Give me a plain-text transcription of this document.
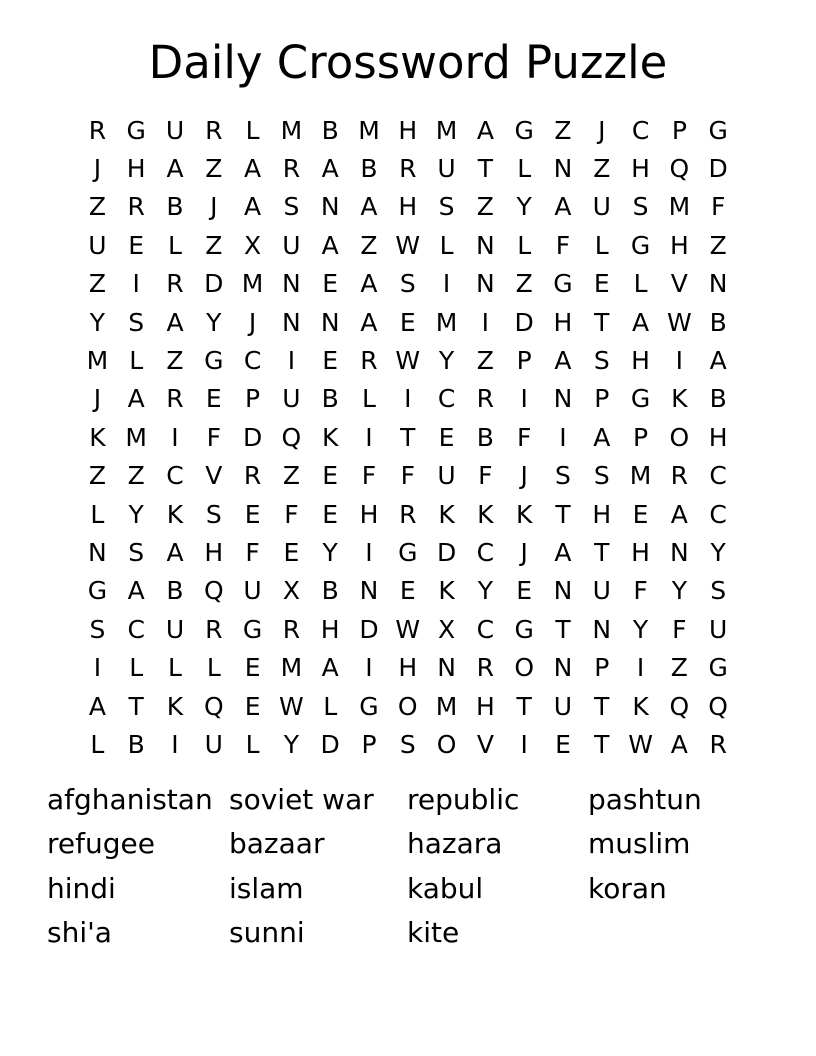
Daily Crossword Puzzle
R G U R L M B M H M A G Z	J	C P G
J	H A Z A R A B R U T L N Z H Q D
Z R B	J	A S N A H S Z Y A U S M F
U E L Z X U A Z W L N L F L G H Z
Z	I	R D M N E A S	I	N Z G E L V N
Y S A Y	J	N N A E M I	D H T A W B
M L Z G C	I	E R W Y Z P A S H	I	A
J	A R E P U B L	I	C R	I	N P G K B
K M I	F D Q K	I	T E B F	I	A P O H
Z Z C V R Z E F F U F	J	S S M R C
L Y K S E F E H R K K K T H E A C
N S A H F E Y	I	G D C	J	A T H N Y
G A B Q U X B N E K Y E N U F Y S
S C U R G R H D W X C G T N Y F U
I	L L L E M A	I	H N R O N P	I	Z G
A T K Q E W L G O M H T U T K Q Q
L B	I	U L Y D P S O V	I	E T W A R
afghanistan soviet war	republic	pashtun
refugee	bazaar	hazara	muslim
hindi	islam	kabul	koran
shi'a	sunni	kite
